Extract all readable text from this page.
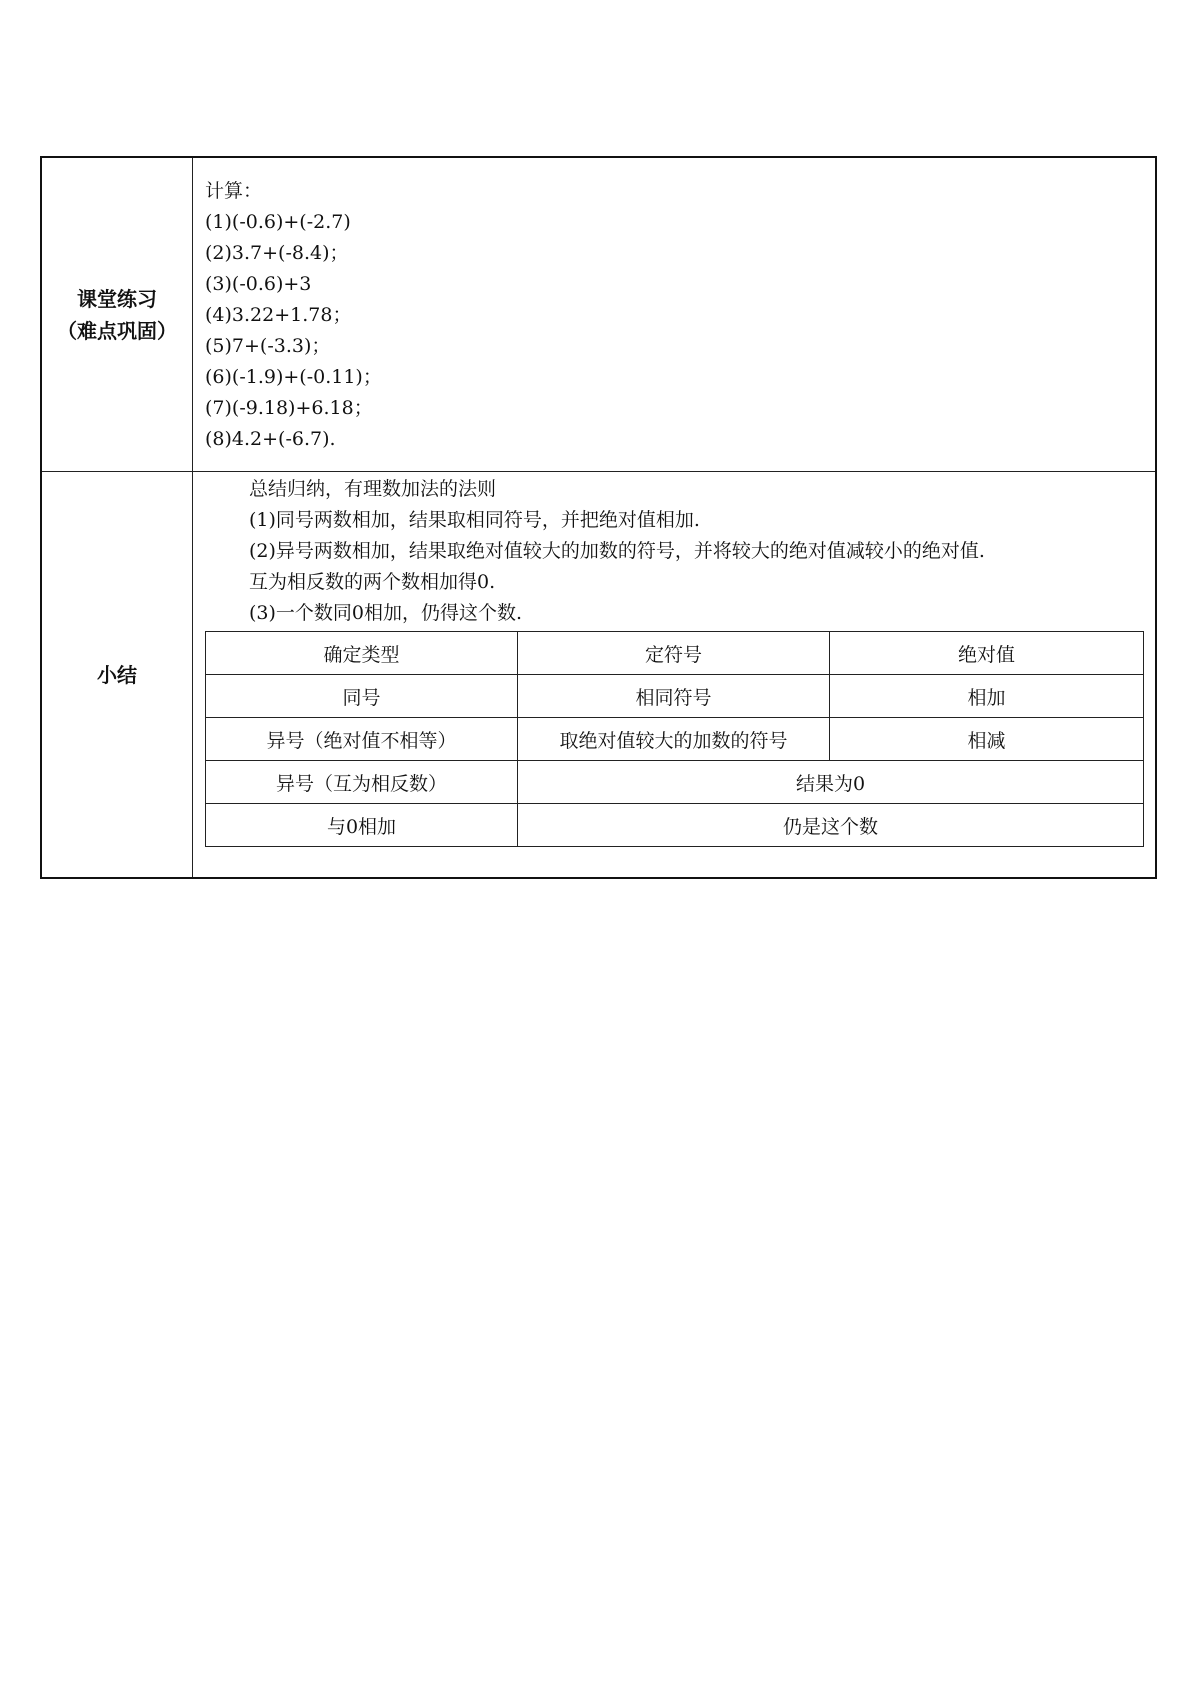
课堂练习
（难点巩固）

计算：
(1)(-0.6)+(-2.7)
(2)3.7+(-8.4)；
(3)(-0.6)+3
(4)3.22+1.78；
(5)7+(-3.3)；
(6)(-1.9)+(-0.11)；
(7)(-9.18)+6.18；
(8)4.2+(-6.7).

小结

总结归纳，有理数加法的法则
(1)同号两数相加，结果取相同符号，并把绝对值相加.
(2)异号两数相加，结果取绝对值较大的加数的符号，并将较大的绝对值减较小的绝对值.
互为相反数的两个数相加得0.
(3)一个数同0相加，仍得这个数.
确定类型	定符号	绝对值
同号	相同符号	相加
异号（绝对值不相等）	取绝对值较大的加数的符号	相减
异号（互为相反数）	结果为0
与0相加	仍是这个数
